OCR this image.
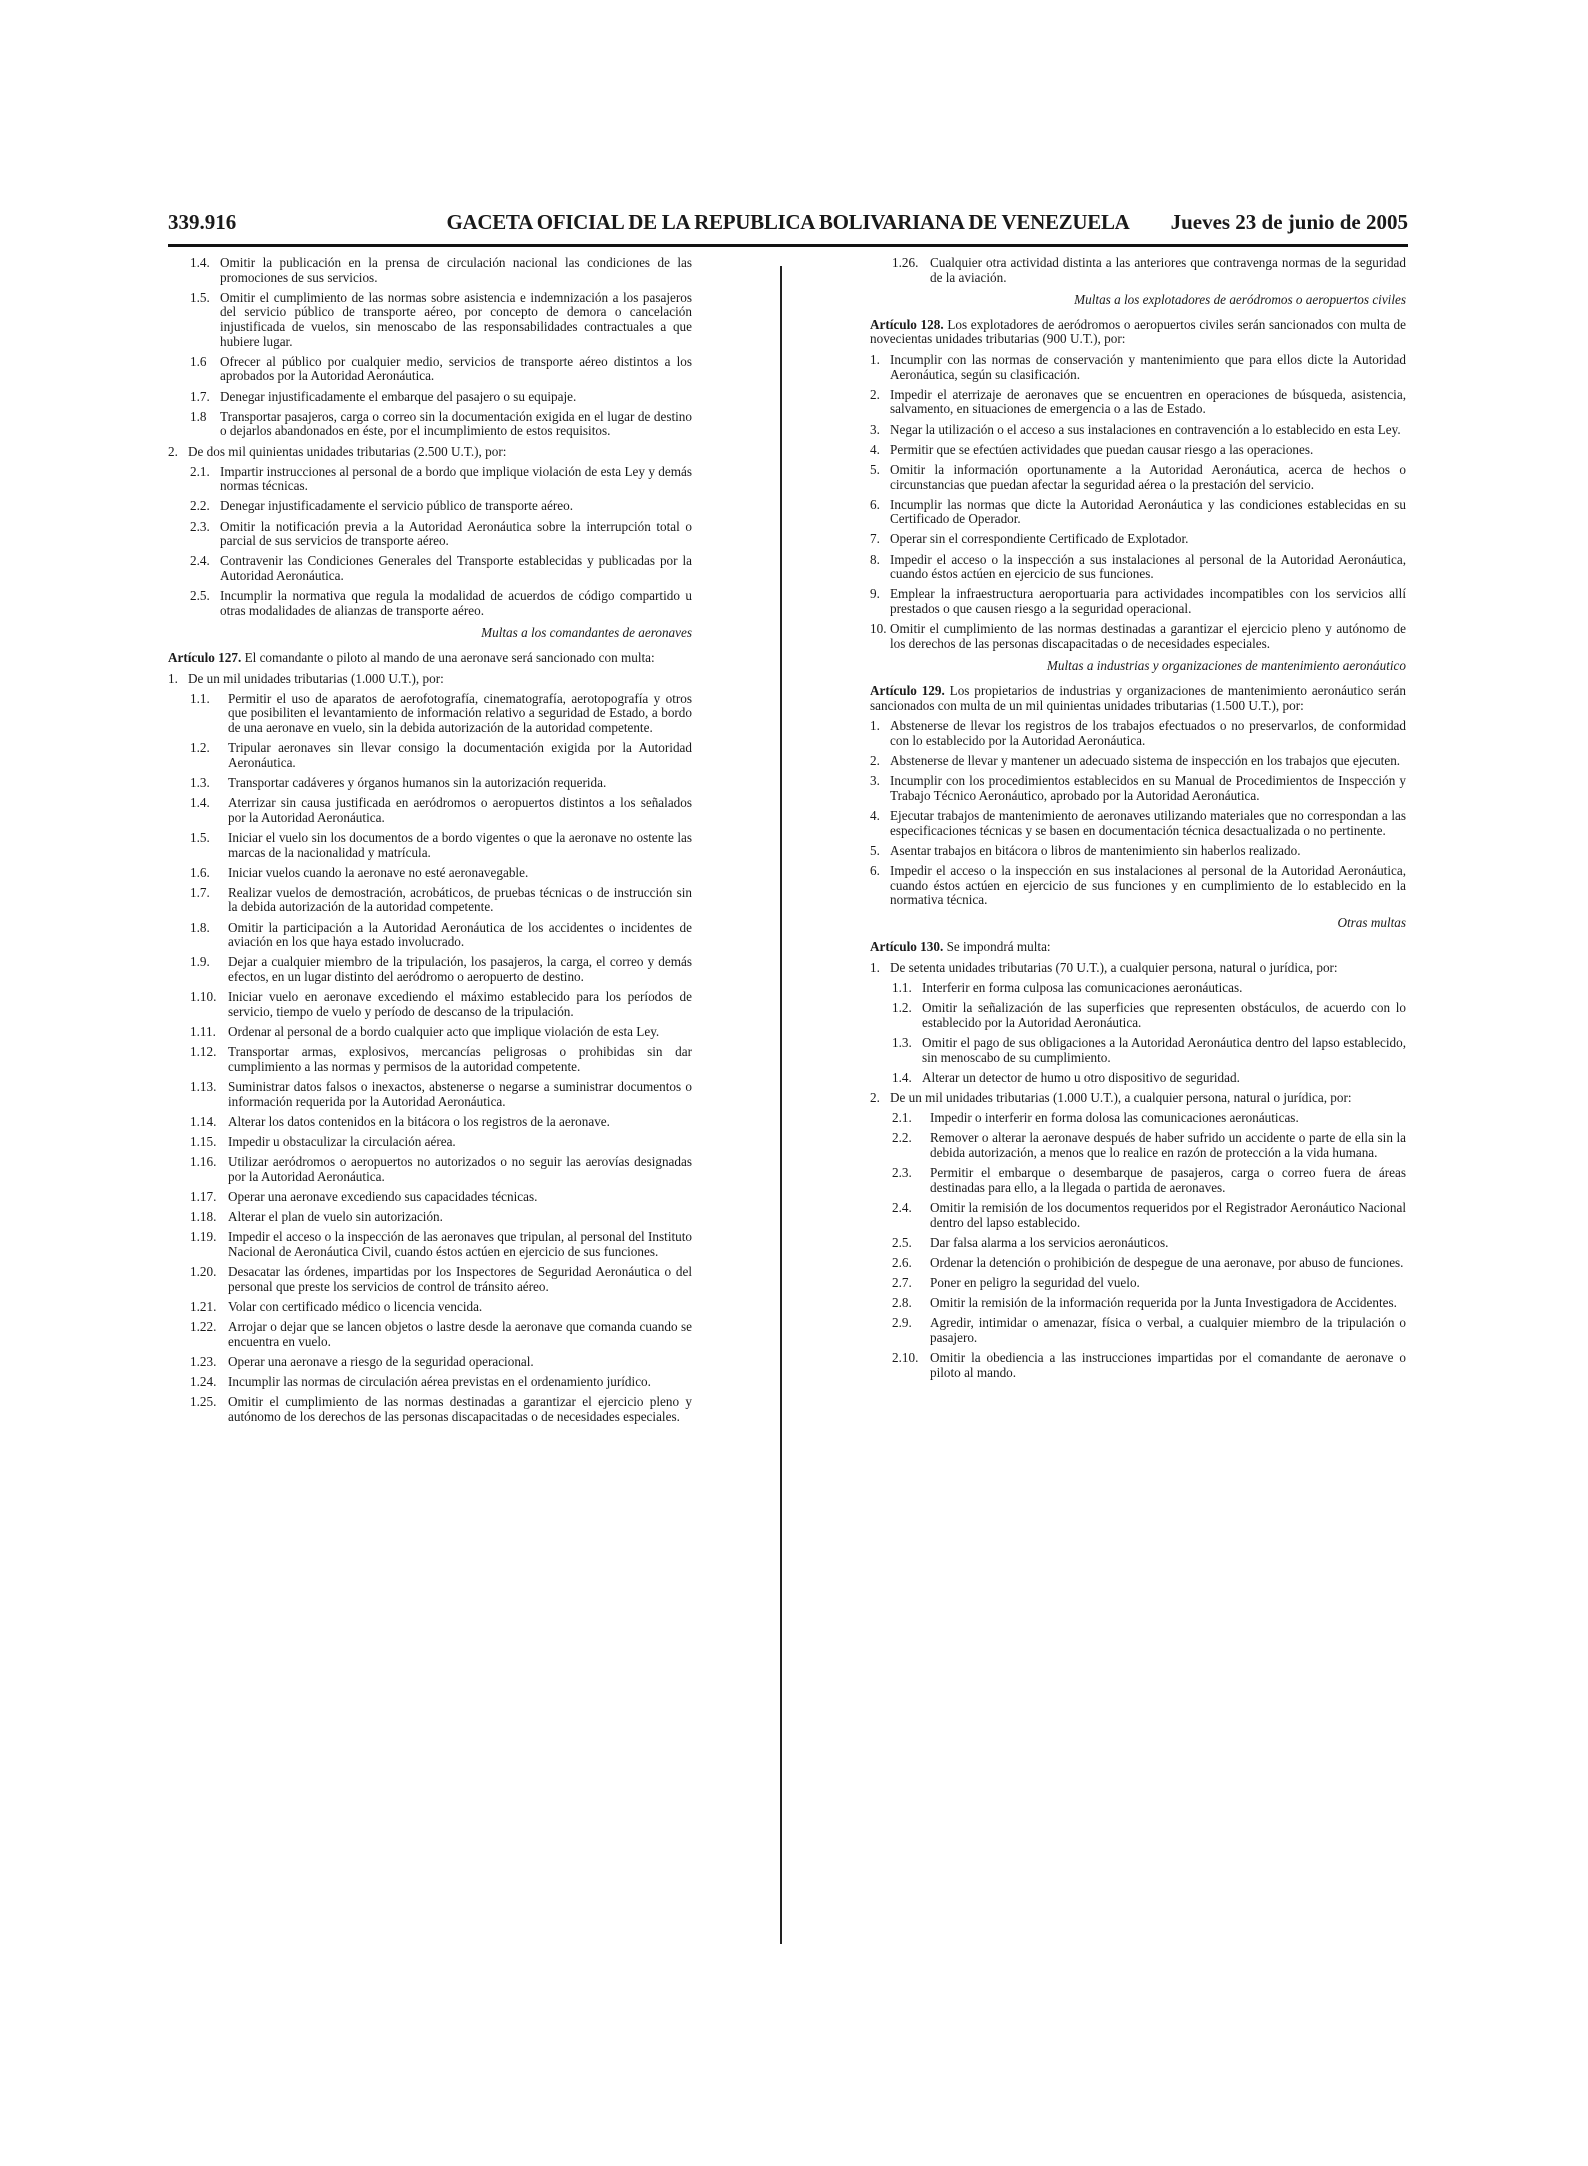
339.916	GACETA OFICIAL DE LA REPUBLICA BOLIVARIANA DE VENEZUELA	Jueves 23 de junio de 2005
1.4. Omitir la publicación en la prensa de circulación nacional las condiciones de las promociones de sus servicios.
1.5. Omitir el cumplimiento de las normas sobre asistencia e indemnización a los pasajeros del servicio público de transporte aéreo, por concepto de demora o cancelación injustificada de vuelos, sin menoscabo de las responsabilidades contractuales a que hubiere lugar.
1.6	Ofrecer al público por cualquier medio, servicios de transporte aéreo distintos a los aprobados por la Autoridad Aeronáutica.
1.7. Denegar injustificadamente el embarque del pasajero o su equipaje.
1.8	Transportar pasajeros, carga o correo sin la documentación exigida en el lugar de destino o dejarlos abandonados en éste, por el incumplimiento de estos requisitos.
2. De dos mil quinientas unidades tributarias (2.500 U.T.), por:
2.1. Impartir instrucciones al personal de a bordo que implique violación de esta Ley y demás normas técnicas.
2.2. Denegar injustificadamente el servicio público de transporte aéreo.
2.3. Omitir la notificación previa a la Autoridad Aeronáutica sobre la interrupción total o parcial de sus servicios de transporte aéreo.
2.4. Contravenir las Condiciones Generales del Transporte establecidas y publicadas por la Autoridad Aeronáutica.
2.5. Incumplir la normativa que regula la modalidad de acuerdos de código compartido u otras modalidades de alianzas de transporte aéreo.
Multas a los comandantes de aeronaves
Artículo 127. El comandante o piloto al mando de una aeronave será sancionado con multa:
1. De un mil unidades tributarias (1.000 U.T.), por:
1.1.	Permitir el uso de aparatos de aerofotografía, cinematografía, aerotopografía y otros que posibiliten el levantamiento de información relativo a seguridad de Estado, a bordo de una aeronave en vuelo, sin la debida autorización de la autoridad competente.
1.2.	Tripular aeronaves sin llevar consigo la documentación exigida por la Autoridad Aeronáutica.
1.3.	Transportar cadáveres y órganos humanos sin la autorización requerida.
1.4.	Aterrizar sin causa justificada en aeródromos o aeropuertos distintos a los señalados por la Autoridad Aeronáutica.
1.5.	Iniciar el vuelo sin los documentos de a bordo vigentes o que la aeronave no ostente las marcas de la nacionalidad y matrícula.
1.6.	Iniciar vuelos cuando la aeronave no esté aeronavegable.
1.7.	Realizar vuelos de demostración, acrobáticos, de pruebas técnicas o de instrucción sin la debida autorización de la autoridad competente.
1.8.	Omitir la participación a la Autoridad Aeronáutica de los accidentes o incidentes de aviación en los que haya estado involucrado.
1.9.	Dejar a cualquier miembro de la tripulación, los pasajeros, la carga, el correo y demás efectos, en un lugar distinto del aeródromo o aeropuerto de destino.
1.10. Iniciar vuelo en aeronave excediendo el máximo establecido para los períodos de servicio, tiempo de vuelo y período de descanso de la tripulación.
1.11. Ordenar al personal de a bordo cualquier acto que implique violación de esta Ley.
1.12. Transportar armas, explosivos, mercancías peligrosas o prohibidas sin dar cumplimiento a las normas y permisos de la autoridad competente.
1.13. Suministrar datos falsos o inexactos, abstenerse o negarse a suministrar documentos o información requerida por la Autoridad Aeronáutica.
1.14. Alterar los datos contenidos en la bitácora o los registros de la aeronave.
1.15. Impedir u obstaculizar la circulación aérea.
1.16. Utilizar aeródromos o aeropuertos no autorizados o no seguir las aerovías designadas por la Autoridad Aeronáutica.
1.17. Operar una aeronave excediendo sus capacidades técnicas.
1.18. Alterar el plan de vuelo sin autorización.
1.19. Impedir el acceso o la inspección de las aeronaves que tripulan, al personal del Instituto Nacional de Aeronáutica Civil, cuando éstos actúen en ejercicio de sus funciones.
1.20. Desacatar las órdenes, impartidas por los Inspectores de Seguridad Aeronáutica o del personal que preste los servicios de control de tránsito aéreo.
1.21. Volar con certificado médico o licencia vencida.
1.22. Arrojar o dejar que se lancen objetos o lastre desde la aeronave que comanda cuando se encuentra en vuelo.
1.23. Operar una aeronave a riesgo de la seguridad operacional.
1.24. Incumplir las normas de circulación aérea previstas en el ordenamiento jurídico.
1.25. Omitir el cumplimiento de las normas destinadas a garantizar el ejercicio pleno y autónomo de los derechos de las personas discapacitadas o de necesidades especiales.
1.26. Cualquier otra actividad distinta a las anteriores que contravenga normas de la seguridad de la aviación.
Multas a los explotadores de aeródromos o aeropuertos civiles
Artículo 128. Los explotadores de aeródromos o aeropuertos civiles serán sancionados con multa de novecientas unidades tributarias (900 U.T.), por:
1. Incumplir con las normas de conservación y mantenimiento que para ellos dicte la Autoridad Aeronáutica, según su clasificación.
2. Impedir el aterrizaje de aeronaves que se encuentren en operaciones de búsqueda, asistencia, salvamento, en situaciones de emergencia o a las de Estado.
3. Negar la utilización o el acceso a sus instalaciones en contravención a lo establecido en esta Ley.
4. Permitir que se efectúen actividades que puedan causar riesgo a las operaciones.
5. Omitir la información oportunamente a la Autoridad Aeronáutica, acerca de hechos o circunstancias que puedan afectar la seguridad aérea o la prestación del servicio.
6. Incumplir las normas que dicte la Autoridad Aeronáutica y las condiciones establecidas en su Certificado de Operador.
7. Operar sin el correspondiente Certificado de Explotador.
8. Impedir el acceso o la inspección a sus instalaciones al personal de la Autoridad Aeronáutica, cuando éstos actúen en ejercicio de sus funciones.
9. Emplear la infraestructura aeroportuaria para actividades incompatibles con los servicios allí prestados o que causen riesgo a la seguridad operacional.
10. Omitir el cumplimiento de las normas destinadas a garantizar el ejercicio pleno y autónomo de los derechos de las personas discapacitadas o de necesidades especiales.
Multas a industrias y organizaciones de mantenimiento aeronáutico
Artículo 129. Los propietarios de industrias y organizaciones de mantenimiento aeronáutico serán sancionados con multa de un mil quinientas unidades tributarias (1.500 U.T.), por:
1. Abstenerse de llevar los registros de los trabajos efectuados o no preservarlos, de conformidad con lo establecido por la Autoridad Aeronáutica.
2. Abstenerse de llevar y mantener un adecuado sistema de inspección en los trabajos que ejecuten.
3. Incumplir con los procedimientos establecidos en su Manual de Procedimientos de Inspección y Trabajo Técnico Aeronáutico, aprobado por la Autoridad Aeronáutica.
4. Ejecutar trabajos de mantenimiento de aeronaves utilizando materiales que no correspondan a las especificaciones técnicas y se basen en documentación técnica desactualizada o no pertinente.
5. Asentar trabajos en bitácora o libros de mantenimiento sin haberlos realizado.
6. Impedir el acceso o la inspección en sus instalaciones al personal de la Autoridad Aeronáutica, cuando éstos actúen en ejercicio de sus funciones y en cumplimiento de lo establecido en la normativa técnica.
Otras multas
Artículo 130. Se impondrá multa:
1. De setenta unidades tributarias (70 U.T.), a cualquier persona, natural o jurídica, por:
1.1. Interferir en forma culposa las comunicaciones aeronáuticas.
1.2. Omitir la señalización de las superficies que representen obstáculos, de acuerdo con lo establecido por la Autoridad Aeronáutica.
1.3. Omitir el pago de sus obligaciones a la Autoridad Aeronáutica dentro del lapso establecido, sin menoscabo de su cumplimiento.
1.4. Alterar un detector de humo u otro dispositivo de seguridad.
2. De un mil unidades tributarias (1.000 U.T.), a cualquier persona, natural o jurídica, por:
2.1.	Impedir o interferir en forma dolosa las comunicaciones aeronáuticas.
2.2.	Remover o alterar la aeronave después de haber sufrido un accidente o parte de ella sin la debida autorización, a menos que lo realice en razón de protección a la vida humana.
2.3.	Permitir el embarque o desembarque de pasajeros, carga o correo fuera de áreas destinadas para ello, a la llegada o partida de aeronaves.
2.4.	Omitir la remisión de los documentos requeridos por el Registrador Aeronáutico Nacional dentro del lapso establecido.
2.5.	Dar falsa alarma a los servicios aeronáuticos.
2.6.	Ordenar la detención o prohibición de despegue de una aeronave, por abuso de funciones.
2.7.	Poner en peligro la seguridad del vuelo.
2.8.	Omitir la remisión de la información requerida por la Junta Investigadora de Accidentes.
2.9.	Agredir, intimidar o amenazar, física o verbal, a cualquier miembro de la tripulación o pasajero.
2.10. Omitir la obediencia a las instrucciones impartidas por el comandante de aeronave o piloto al mando.
